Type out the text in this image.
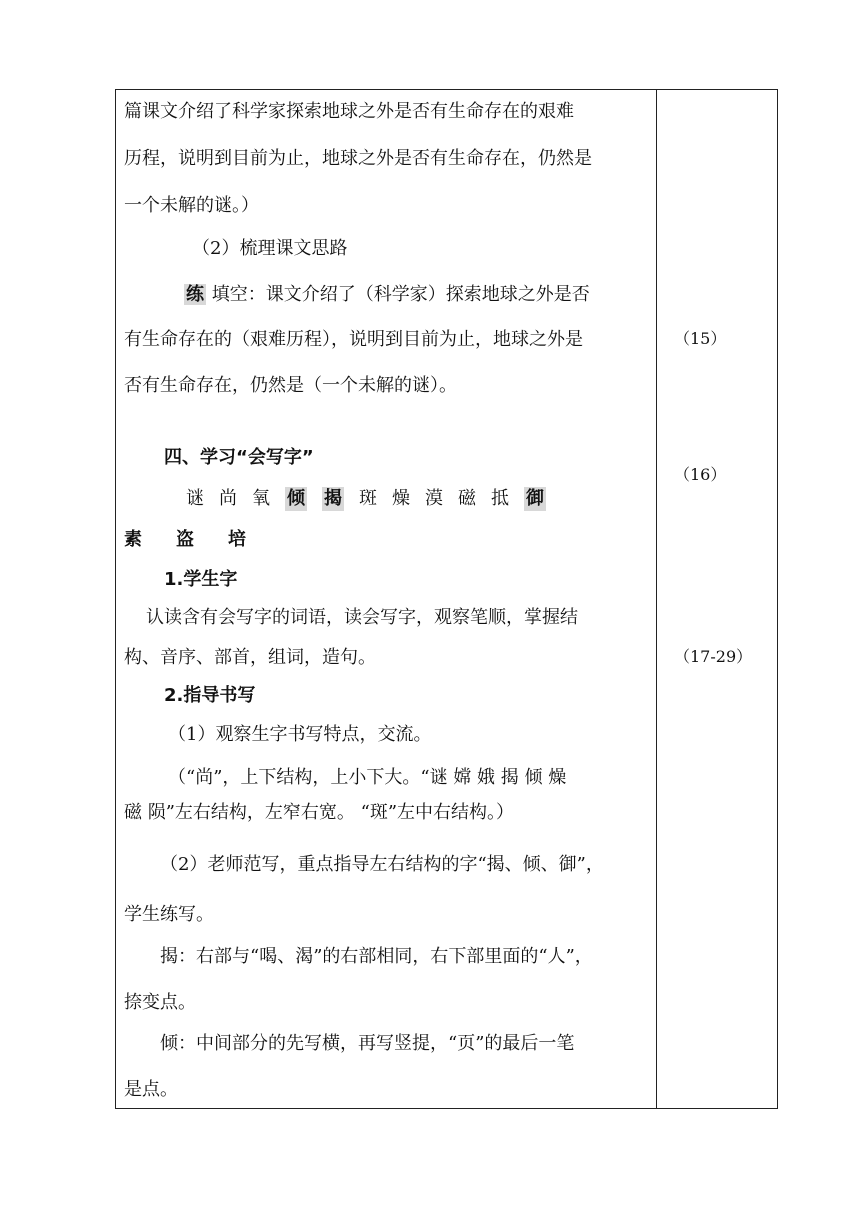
篇课文介绍了科学家探索地球之外是否有生命存在的艰难
历程，说明到目前为止，地球之外是否有生命存在，仍然是
一个未解的谜。）
（2）梳理课文思路
练 填空：课文介绍了（科学家）探索地球之外是否
有生命存在的（艰难历程），说明到目前为止，地球之外是
否有生命存在，仍然是（一个未解的谜）。
四、学习“会写字”
谜 尚 氧 倾 揭 斑 燥 漠 磁 抵 御
素 盗 培
1.学生字
认读含有会写字的词语，读会写字，观察笔顺，掌握结
构、音序、部首，组词，造句。
2.指导书写
（1）观察生字书写特点，交流。
（“尚”，上下结构，上小下大。“谜 嫦 娥 揭 倾 燥
磁 陨”左右结构，左窄右宽。 “斑”左中右结构。）
（2）老师范写，重点指导左右结构的字“揭、倾、御”，
学生练写。
揭：右部与“喝、渴”的右部相同，右下部里面的“人”，
捺变点。
倾：中间部分的先写横，再写竖提，“页”的最后一笔
是点。
（15）
（16）
（17-29）
